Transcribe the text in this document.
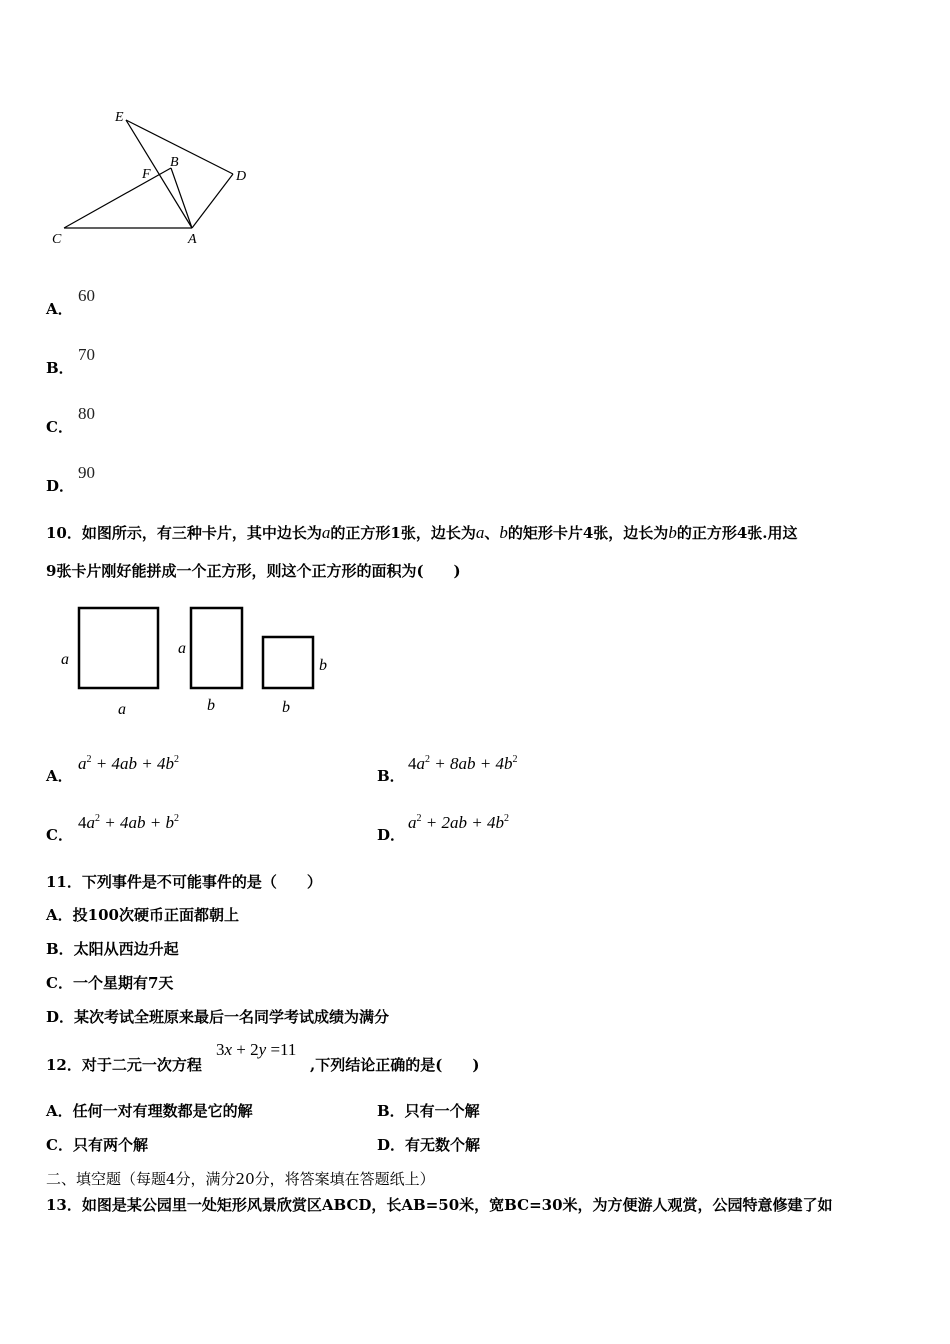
E
B
F	D
C	A
A．
60
B．
70
C．
80
D．
90
10．如图所示，有三种卡片，其中边长为a的正方形1张，边长为a、b的矩形卡片4张，边长为b的正方形4张.用这
9张卡片刚好能拼成一个正方形，则这个正方形的面积为(　　)
a
a
a
b
b
b
A．
$a^2 + 4ab + 4b^2$
B．
$4a^2 + 8ab + 4b^2$
C．
$4a^2 + 4ab + b^2$
D．
$a^2 + 2ab + 4b^2$
11．下列事件是不可能事件的是（　　）
A．投100次硬币正面都朝上
B．太阳从西边升起
C．一个星期有7天
D．某次考试全班原来最后一名同学考试成绩为满分
12．对于二元一次方程
3x + 2y =11
,下列结论正确的是(　　)
A．任何一对有理数都是它的解	B．只有一个解
C．只有两个解	D．有无数个解
二、填空题（每题4分，满分20分，将答案填在答题纸上）
13．如图是某公园里一处矩形风景欣赏区ABCD，长AB=50米，宽BC=30米，为方便游人观赏，公园特意修建了如
